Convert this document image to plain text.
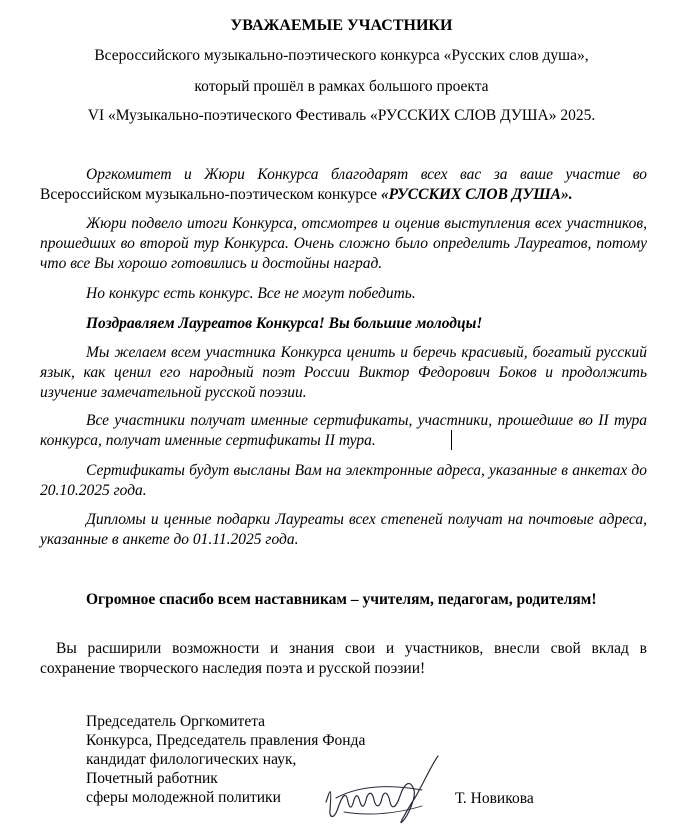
УВАЖАЕМЫЕ УЧАСТНИКИ

Всероссийского музыкально-поэтического конкурса «Русских слов душа»,

который прошёл в рамках большого проекта

VI «Музыкально-поэтического Фестиваль «РУССКИХ СЛОВ ДУША» 2025.

Оргкомитет и Жюри Конкурса благодарят всех вас за ваше участие во Всероссийском музыкально-поэтическом конкурсе «РУССКИХ СЛОВ ДУША».

Жюри подвело итоги Конкурса, отсмотрев и оценив выступления всех участников, прошедших во второй тур Конкурса. Очень сложно было определить Лауреатов, потому что все Вы хорошо готовились и достойны наград.

Но конкурс есть конкурс. Все не могут победить.

Поздравляем Лауреатов Конкурса! Вы большие молодцы!

Мы желаем всем участника Конкурса ценить и беречь красивый, богатый русский язык, как ценил его народный поэт России Виктор Федорович Боков и продолжить изучение замечательной русской поэзии.

Все участники получат именные сертификаты, участники, прошедшие во II тура конкурса, получат именные сертификаты II тура.

Сертификаты будут высланы Вам на электронные адреса, указанные в анкетах до 20.10.2025 года.

Дипломы и ценные подарки Лауреаты всех степеней получат на почтовые адреса, указанные в анкете до 01.11.2025 года.

Огромное спасибо всем наставникам – учителям, педагогам, родителям!

Вы расширили возможности и знания свои и участников, внесли свой вклад в сохранение творческого наследия поэта и русской поэзии!

Председатель Оргкомитета
Конкурса, Председатель правления Фонда
кандидат филологических наук,
Почетный работник
сферы молодежной политики	Т. Новикова
